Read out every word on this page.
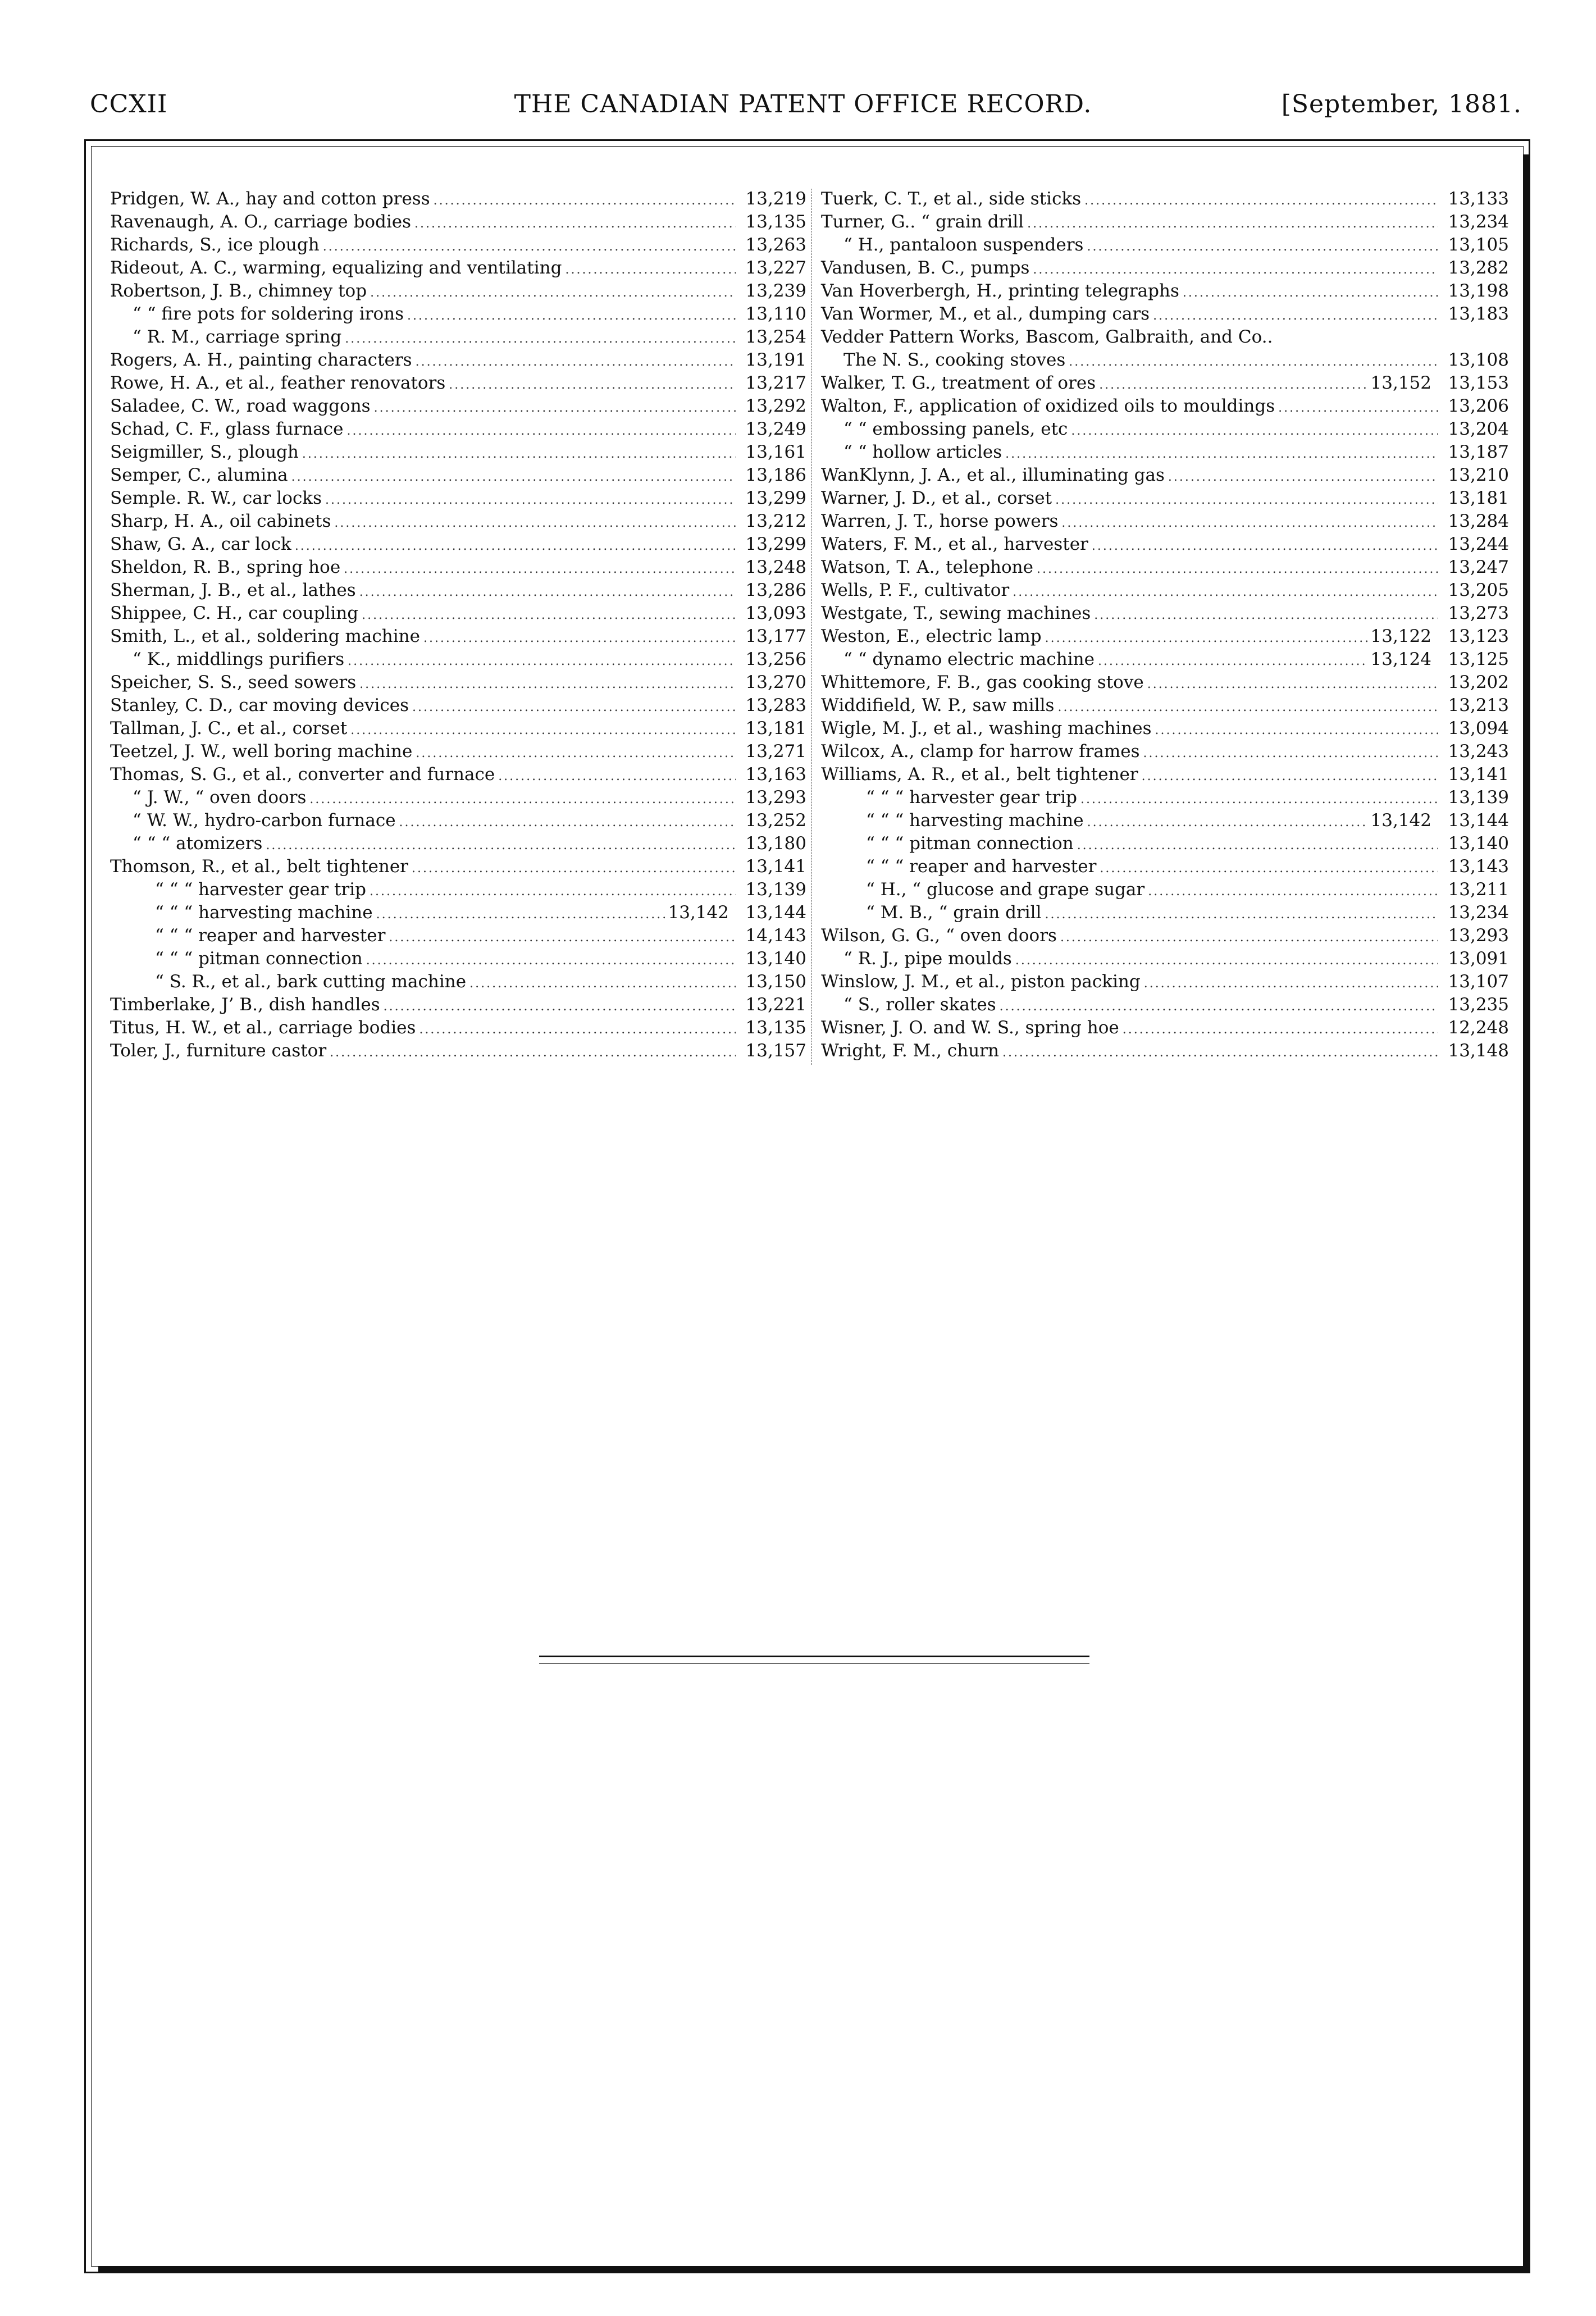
CCXII	THE CANADIAN PATENT OFFICE RECORD.	[September, 1881.
Pridgen, W. A., hay and cotton press .....	13,219
Ravenaugh, A. O., carriage bodies .....	13,135
Richards, S., ice plough .....	13,263
Rideout, A. C., warming, equalizing and ventilating .....	13,227
Robertson, J. B., chimney top .....	13,239
“ “ fire pots for soldering irons .....	13,110
“ R. M., carriage spring .....	13,254
Rogers, A. H., painting characters .....	13,191
Rowe, H. A., et al., feather renovators .....	13,217
Saladee, C. W., road waggons .....	13,292
Schad, C. F., glass furnace .....	13,249
Seigmiller, S., plough .....	13,161
Semper, C., alumina .....	13,186
Semple. R. W., car locks .....	13,299
Sharp, H. A., oil cabinets .....	13,212
Shaw, G. A., car lock .....	13,299
Sheldon, R. B., spring hoe .....	13,248
Sherman, J. B., et al., lathes .....	13,286
Shippee, C. H., car coupling .....	13,093
Smith, L., et al., soldering machine .....	13,177
“ K., middlings purifiers .....	13,256
Speicher, S. S., seed sowers .....	13,270
Stanley, C. D., car moving devices .....	13,283
Tallman, J. C., et al., corset .....	13,181
Teetzel, J. W., well boring machine .....	13,271
Thomas, S. G., et al., converter and furnace .....	13,163
“ J. W., “ oven doors .....	13,293
“ W. W., hydro-carbon furnace .....	13,252
“ “ “ atomizers .....	13,180
Thomson, R., et al., belt tightener .....	13,141
“ “ “ harvester gear trip .....	13,139
“ “ “ harvesting machine .....	13,142 13,144
“ “ “ reaper and harvester .....	14,143
“ “ “ pitman connection .....	13,140
“ S. R., et al., bark cutting machine .....	13,150
Timberlake, J’ B., dish handles .....	13,221
Titus, H. W., et al., carriage bodies .....	13,135
Toler, J., furniture castor .....	13,157
Tuerk, C. T., et al., side sticks .....	13,133
Turner, G.. “ grain drill .....	13,234
“ H., pantaloon suspenders .....	13,105
Vandusen, B. C., pumps .....	13,282
Van Hoverbergh, H., printing telegraphs .....	13,198
Van Wormer, M., et al., dumping cars .....	13,183
Vedder Pattern Works, Bascom, Galbraith, and Co..
The N. S., cooking stoves .....	13,108
Walker, T. G., treatment of ores .....	13,152 13,153
Walton, F., application of oxidized oils to mouldings .....	13,206
“ “ embossing panels, etc .....	13,204
“ “ hollow articles .....	13,187
WanKlynn, J. A., et al., illuminating gas .....	13,210
Warner, J. D., et al., corset .....	13,181
Warren, J. T., horse powers .....	13,284
Waters, F. M., et al., harvester .....	13,244
Watson, T. A., telephone .....	13,247
Wells, P. F., cultivator .....	13,205
Westgate, T., sewing machines .....	13,273
Weston, E., electric lamp .....	13,122 13,123
“ “ dynamo electric machine .....	13,124 13,125
Whittemore, F. B., gas cooking stove .....	13,202
Widdifield, W. P., saw mills .....	13,213
Wigle, M. J., et al., washing machines .....	13,094
Wilcox, A., clamp for harrow frames .....	13,243
Williams, A. R., et al., belt tightener .....	13,141
“ “ “ harvester gear trip .....	13,139
“ “ “ harvesting machine .....	13,142 13,144
“ “ “ pitman connection .....	13,140
“ “ “ reaper and harvester .....	13,143
“ H., “ glucose and grape sugar .....	13,211
“ M. B., “ grain drill .....	13,234
Wilson, G. G., “ oven doors .....	13,293
“ R. J., pipe moulds .....	13,091
Winslow, J. M., et al., piston packing .....	13,107
“ S., roller skates .....	13,235
Wisner, J. O. and W. S., spring hoe .....	12,248
Wright, F. M., churn .....	13,148
